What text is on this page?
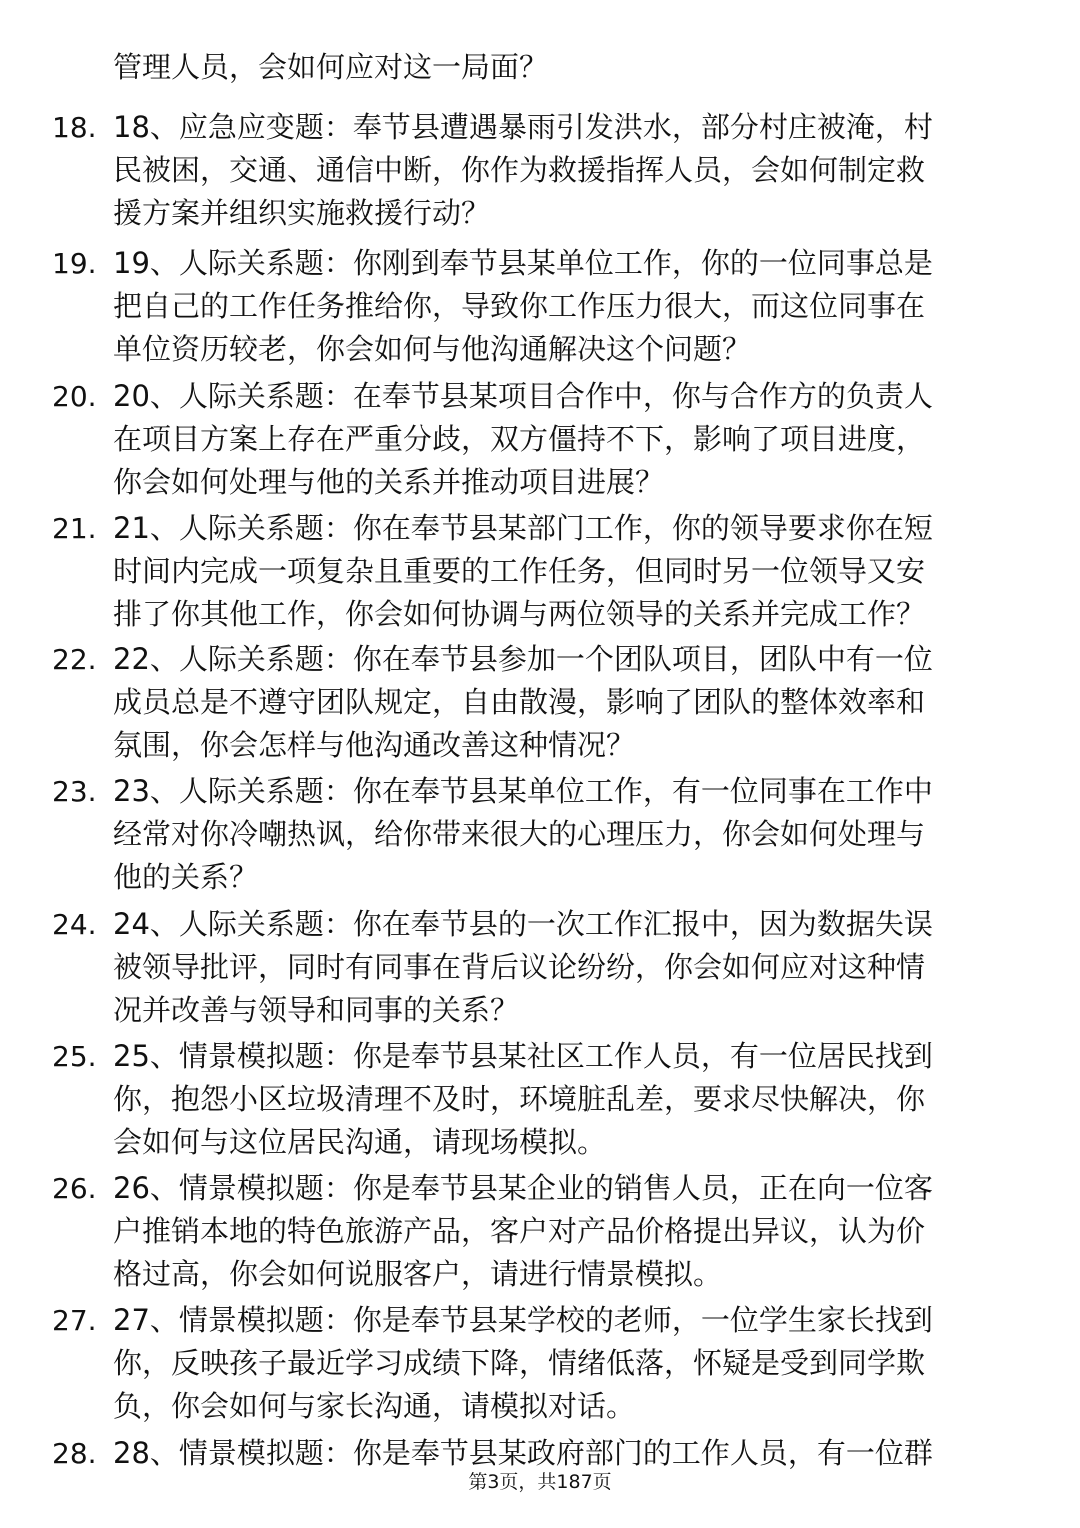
管理人员，会如何应对这一局面？
18. 18、应急应变题：奉节县遭遇暴雨引发洪水，部分村庄被淹，村
民被困，交通、通信中断，你作为救援指挥人员，会如何制定救
援方案并组织实施救援行动？
19. 19、人际关系题：你刚到奉节县某单位工作，你的一位同事总是
把自己的工作任务推给你，导致你工作压力很大，而这位同事在
单位资历较老，你会如何与他沟通解决这个问题？
20. 20、人际关系题：在奉节县某项目合作中，你与合作方的负责人
在项目方案上存在严重分歧，双方僵持不下，影响了项目进度，
你会如何处理与他的关系并推动项目进展？
21. 21、人际关系题：你在奉节县某部门工作，你的领导要求你在短
时间内完成一项复杂且重要的工作任务，但同时另一位领导又安
排了你其他工作，你会如何协调与两位领导的关系并完成工作？
22. 22、人际关系题：你在奉节县参加一个团队项目，团队中有一位
成员总是不遵守团队规定，自由散漫，影响了团队的整体效率和
氛围，你会怎样与他沟通改善这种情况？
23. 23、人际关系题：你在奉节县某单位工作，有一位同事在工作中
经常对你冷嘲热讽，给你带来很大的心理压力，你会如何处理与
他的关系？
24. 24、人际关系题：你在奉节县的一次工作汇报中，因为数据失误
被领导批评，同时有同事在背后议论纷纷，你会如何应对这种情
况并改善与领导和同事的关系？
25. 25、情景模拟题：你是奉节县某社区工作人员，有一位居民找到
你，抱怨小区垃圾清理不及时，环境脏乱差，要求尽快解决，你
会如何与这位居民沟通，请现场模拟。
26. 26、情景模拟题：你是奉节县某企业的销售人员，正在向一位客
户推销本地的特色旅游产品，客户对产品价格提出异议，认为价
格过高，你会如何说服客户，请进行情景模拟。
27. 27、情景模拟题：你是奉节县某学校的老师，一位学生家长找到
你，反映孩子最近学习成绩下降，情绪低落，怀疑是受到同学欺
负，你会如何与家长沟通，请模拟对话。
28. 28、情景模拟题：你是奉节县某政府部门的工作人员，有一位群
第3页，共187页
